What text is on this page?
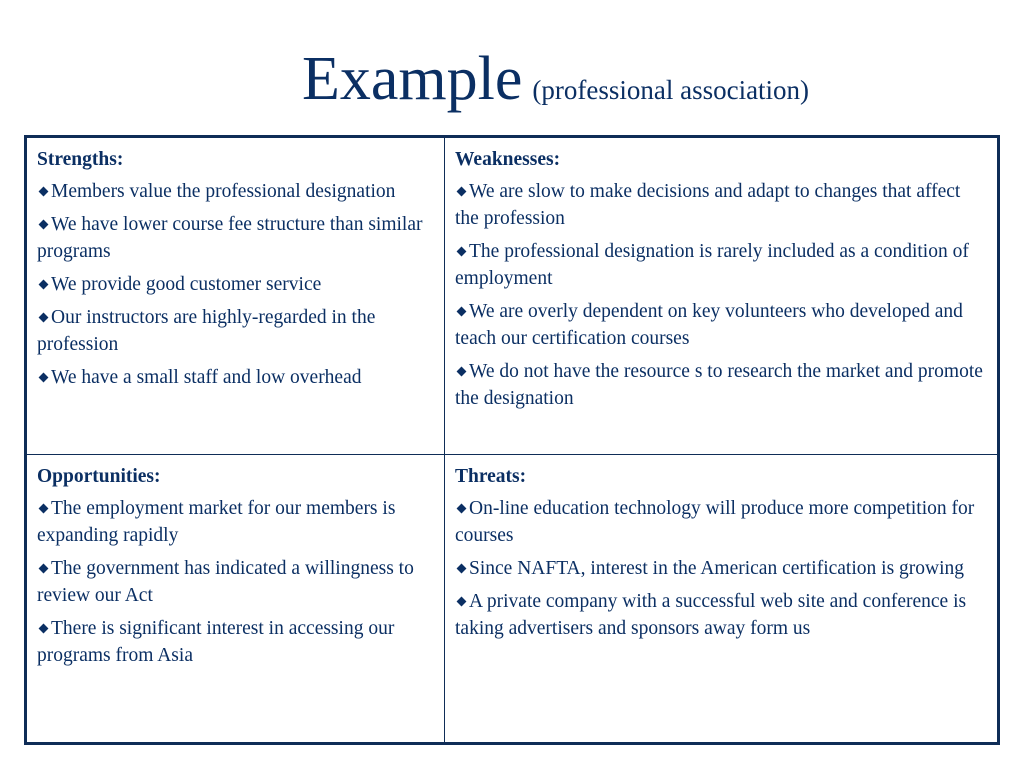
Example (professional association)
Strengths:
Members value the professional designation
We have lower course fee structure than similar programs
We provide good customer service
Our instructors are highly-regarded in the profession
We have a small staff and low overhead
Weaknesses:
We are slow to make decisions and adapt to changes that affect the profession
The professional designation is rarely included as a condition of employment
We are overly dependent on key volunteers who developed and teach our certification courses
We do not have the resource s to research the market and promote the designation
Opportunities:
The employment market for our members is expanding rapidly
The government has indicated a willingness to review our Act
There is significant interest in accessing our programs from Asia
Threats:
On-line education technology will produce more competition for courses
Since NAFTA, interest in the American certification is growing
A private company with a successful web site and conference is taking advertisers and sponsors away form us
